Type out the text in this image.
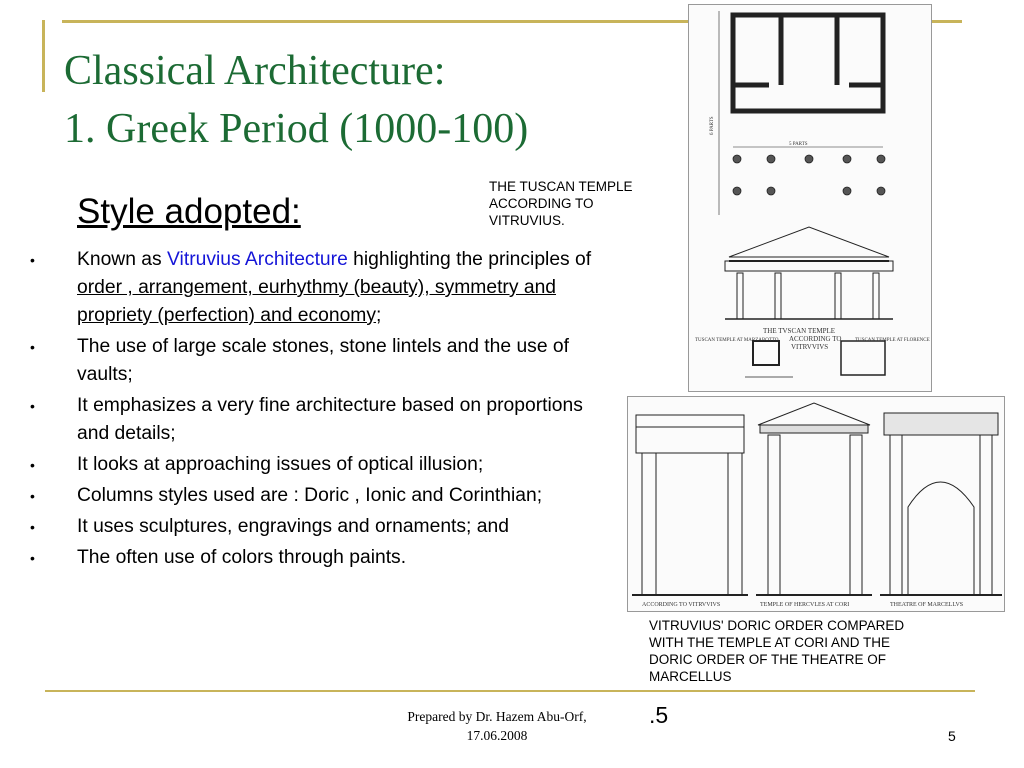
Classical Architecture:
1. Greek Period (1000-100)
Style adopted:
• Known as Vitruvius Architecture highlighting the principles of order , arrangement, eurhythmy (beauty), symmetry and propriety (perfection) and economy;
• The use of large scale stones, stone lintels and the use of vaults;
• It emphasizes a very fine architecture based on proportions and details;
• It looks at approaching issues of optical illusion;
• Columns styles used are : Doric , Ionic and Corinthian;
• It uses sculptures, engravings and ornaments; and
• The often use of colors through paints.
THE TVSCAN TEMPLE
ACCORDING TO
VITRVVIVS
TUSCAN TEMPLE AT MARZABOTTO	TUSCAN TEMPLE AT FLORENCE
5 PARTS
6 PARTS
THE TUSCAN TEMPLE
ACCORDING TO
VITRUVIUS.
ACCORDING TO VITRVVIVS	TEMPLE OF HERCVLES AT CORI	THEATRE OF MARCELLVS
VITRUVIUS' DORIC ORDER COMPARED
WITH THE TEMPLE AT CORI AND THE
DORIC ORDER OF THE THEATRE OF
MARCELLUS
Prepared by Dr. Hazem Abu-Orf,
17.06.2008
.5
5
